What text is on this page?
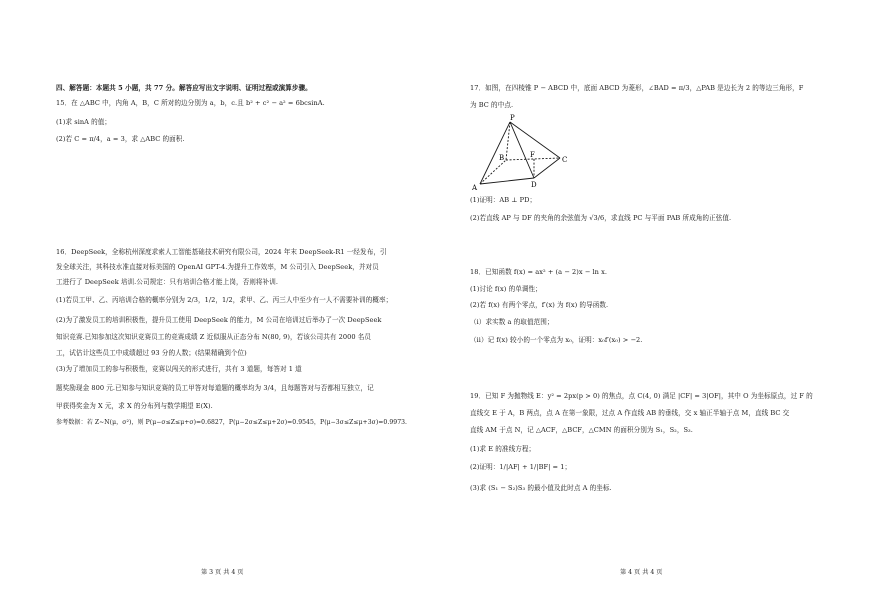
四、解答题：本题共 5 小题，共 77 分。解答应写出文字说明、证明过程或演算步骤。
15．在 △ABC 中，内角 A，B，C 所对的边分别为 a，b，c.且 b² + c² − a² = 6bcsinA.
(1)求 sinA 的值；
(2)若 C = π/4，a = 3，求 △ABC 的面积.
16．DeepSeek，全称杭州深度求索人工智能基础技术研究有限公司，2024 年末 DeepSeek-R1 一经发布，引
发全球关注，其科技水准直接对标美国的 OpenAI GPT-4.为提升工作效率，M 公司引入 DeepSeek，并对员
工进行了 DeepSeek 培训.公司规定：只有培训合格才能上岗，否则将补训.
(1)若员工甲、乙、丙培训合格的概率分别为 2/3，1/2，1/2，求甲、乙、丙三人中至少有一人不需要补训的概率；
(2)为了激发员工的培训积极性，提升员工使用 DeepSeek 的能力，M 公司在培训过后举办了一次 DeepSeek
知识竞赛.已知参加这次知识竞赛员工的竞赛成绩 Z 近似服从正态分布 N(80, 9)，若该公司共有 2000 名员
工，试估计这些员工中成绩超过 93 分的人数；(结果精确到个位)
(3)为了增加员工的参与积极性，竞赛以闯关的形式进行，共有 3 道题，每答对 1 道
题奖励现金 800 元.已知参与知识竞赛的员工甲答对每道题的概率均为 3/4，且每题答对与否都相互独立，记
甲获得奖金为 X 元，求 X 的分布列与数学期望 E(X).
参考数据：若 Z~N(μ，σ²)，则 P(μ−σ≤Z≤μ+σ)=0.6827，P(μ−2σ≤Z≤μ+2σ)=0.9545，P(μ−3σ≤Z≤μ+3σ)=0.9973.
第 3 页 共 4 页
17．如图，在四棱锥 P − ABCD 中，底面 ABCD 为菱形，∠BAD = π/3，△PAB 是边长为 2 的等边三角形，F
为 BC 的中点.
P
A
B	F
C
D
(1)证明：AB ⊥ PD；
(2)若直线 AP 与 DF 的夹角的余弦值为 √3/6，求直线 PC 与平面 PAB 所成角的正弦值.
18．已知函数 f(x) = ax² + (a − 2)x − ln x.
(1)讨论 f(x) 的单调性；
(2)若 f(x) 有两个零点，f′(x) 为 f(x) 的导函数.
（i）求实数 a 的取值范围；
（ii）记 f(x) 较小的一个零点为 x₀，证明：x₀f′(x₀) > −2.
19．已知 F 为抛物线 E：y² = 2px(p > 0) 的焦点，点 C(4, 0) 满足 |CF| = 3|OF|，其中 O 为坐标原点，过 F 的
直线交 E 于 A，B 两点，点 A 在第一象限，过点 A 作直线 AB 的垂线，交 x 轴正半轴于点 M，直线 BC 交
直线 AM 于点 N，记 △ACF，△BCF，△CMN 的面积分别为 S₁，S₂，S₃.
(1)求 E 的准线方程；
(2)证明：1/|AF| + 1/|BF| = 1；
(3)求 (S₁ − S₂)S₃ 的最小值及此时点 A 的坐标.
第 4 页 共 4 页
